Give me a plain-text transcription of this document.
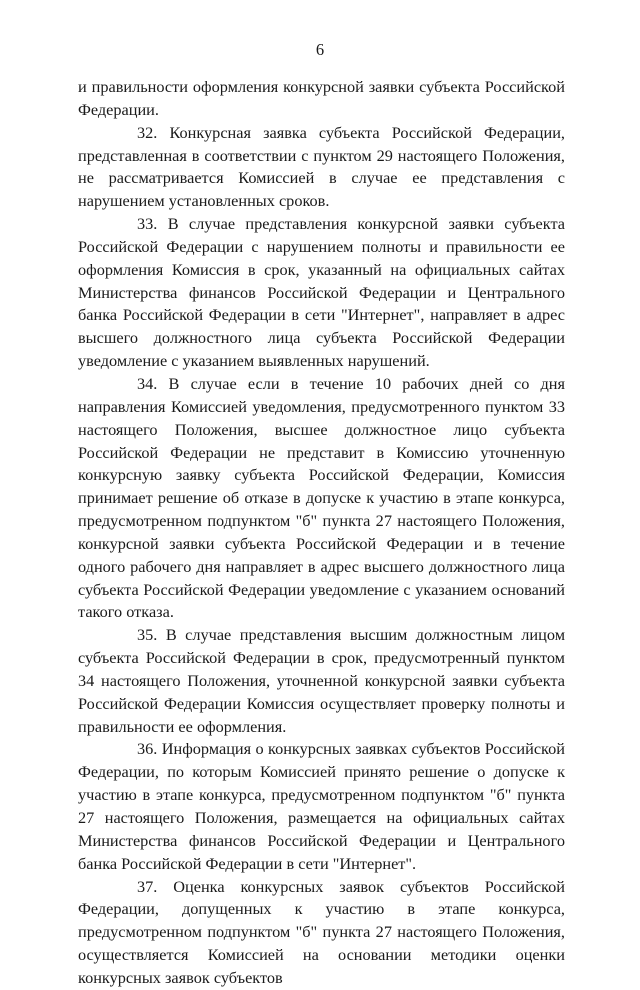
6

и правильности оформления конкурсной заявки субъекта Российской Федерации.

32. Конкурсная заявка субъекта Российской Федерации, представленная в соответствии с пунктом 29 настоящего Положения, не рассматривается Комиссией в случае ее представления с нарушением установленных сроков.

33. В случае представления конкурсной заявки субъекта Российской Федерации с нарушением полноты и правильности ее оформления Комиссия в срок, указанный на официальных сайтах Министерства финансов Российской Федерации и Центрального банка Российской Федерации в сети "Интернет", направляет в адрес высшего должностного лица субъекта Российской Федерации уведомление с указанием выявленных нарушений.

34. В случае если в течение 10 рабочих дней со дня направления Комиссией уведомления, предусмотренного пунктом 33 настоящего Положения, высшее должностное лицо субъекта Российской Федерации не представит в Комиссию уточненную конкурсную заявку субъекта Российской Федерации, Комиссия принимает решение об отказе в допуске к участию в этапе конкурса, предусмотренном подпунктом "б" пункта 27 настоящего Положения, конкурсной заявки субъекта Российской Федерации и в течение одного рабочего дня направляет в адрес высшего должностного лица субъекта Российской Федерации уведомление с указанием оснований такого отказа.

35. В случае представления высшим должностным лицом субъекта Российской Федерации в срок, предусмотренный пунктом 34 настоящего Положения, уточненной конкурсной заявки субъекта Российской Федерации Комиссия осуществляет проверку полноты и правильности ее оформления.

36. Информация о конкурсных заявках субъектов Российской Федерации, по которым Комиссией принято решение о допуске к участию в этапе конкурса, предусмотренном подпунктом "б" пункта 27 настоящего Положения, размещается на официальных сайтах Министерства финансов Российской Федерации и Центрального банка Российской Федерации в сети "Интернет".

37. Оценка конкурсных заявок субъектов Российской Федерации, допущенных к участию в этапе конкурса, предусмотренном подпунктом "б" пункта 27 настоящего Положения, осуществляется Комиссией на основании методики оценки конкурсных заявок субъектов
